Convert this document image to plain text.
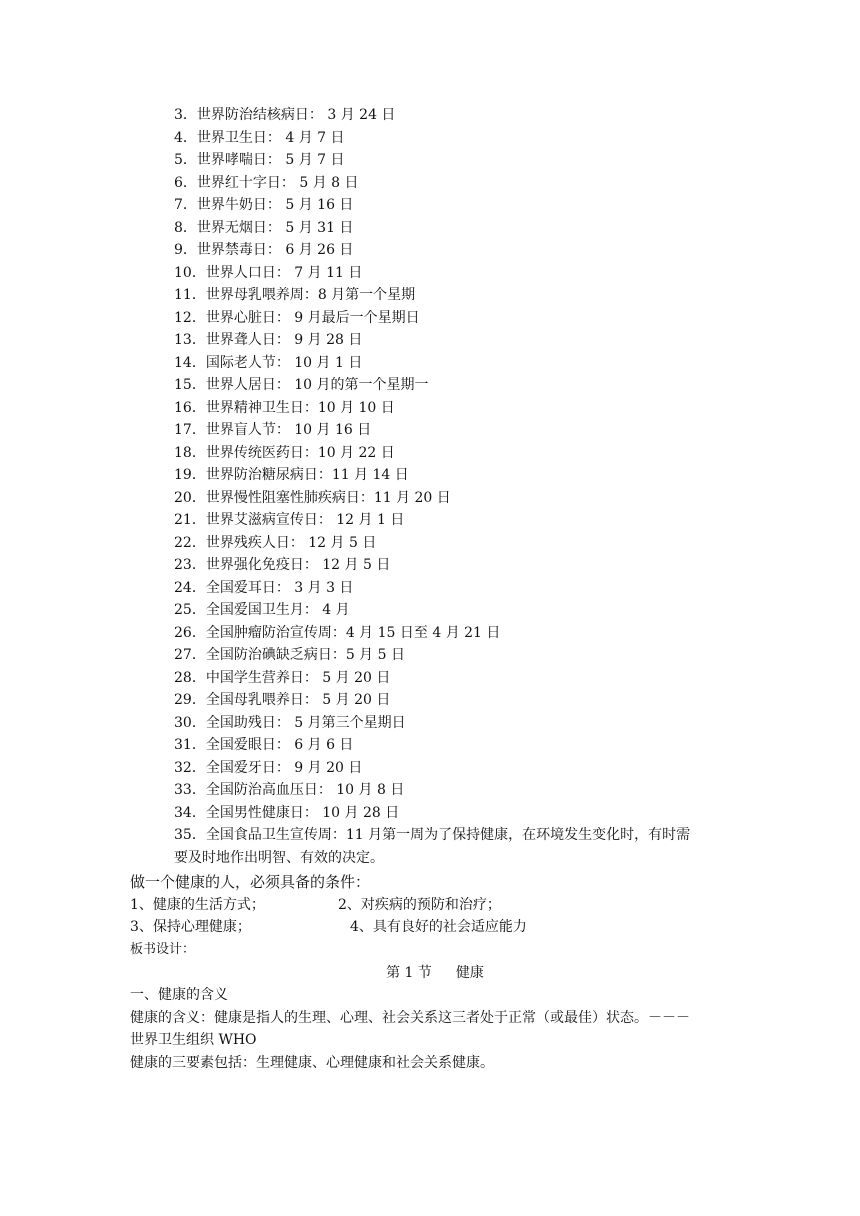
3．世界防治结核病日： 3 月 24 日
4．世界卫生日： 4 月 7 日
5．世界哮喘日： 5 月 7 日
6．世界红十字日： 5 月 8 日
7．世界牛奶日： 5 月 16 日
8．世界无烟日： 5 月 31 日
9．世界禁毒日： 6 月 26 日
10．世界人口日： 7 月 11 日
11．世界母乳喂养周：8 月第一个星期
12．世界心脏日： 9 月最后一个星期日
13．世界聋人日： 9 月 28 日
14．国际老人节： 10 月 1 日
15．世界人居日： 10 月的第一个星期一
16．世界精神卫生日：10 月 10 日
17．世界盲人节： 10 月 16 日
18．世界传统医药日：10 月 22 日
19．世界防治糖尿病日：11 月 14 日
20．世界慢性阻塞性肺疾病日：11 月 20 日
21．世界艾滋病宣传日： 12 月 1 日
22．世界残疾人日： 12 月 5 日
23．世界强化免疫日： 12 月 5 日
24．全国爱耳日： 3 月 3 日
25．全国爱国卫生月： 4 月
26．全国肿瘤防治宣传周：4 月 15 日至 4 月 21 日
27．全国防治碘缺乏病日：5 月 5 日
28．中国学生营养日： 5 月 20 日
29．全国母乳喂养日： 5 月 20 日
30．全国助残日： 5 月第三个星期日
31．全国爱眼日： 6 月 6 日
32．全国爱牙日： 9 月 20 日
33．全国防治高血压日： 10 月 8 日
34．全国男性健康日： 10 月 28 日
35．全国食品卫生宣传周：11 月第一周为了保持健康，在环境发生变化时，有时需
要及时地作出明智、有效的决定。
做一个健康的人，必须具备的条件：
1、健康的生活方式；	2、对疾病的预防和治疗；
3、保持心理健康；	4、具有良好的社会适应能力
板书设计：
第 1 节 健康
一、健康的含义
健康的含义：健康是指人的生理、心理、社会关系这三者处于正常（或最佳）状态。－－－
世界卫生组织 WHO
健康的三要素包括：生理健康、心理健康和社会关系健康。
